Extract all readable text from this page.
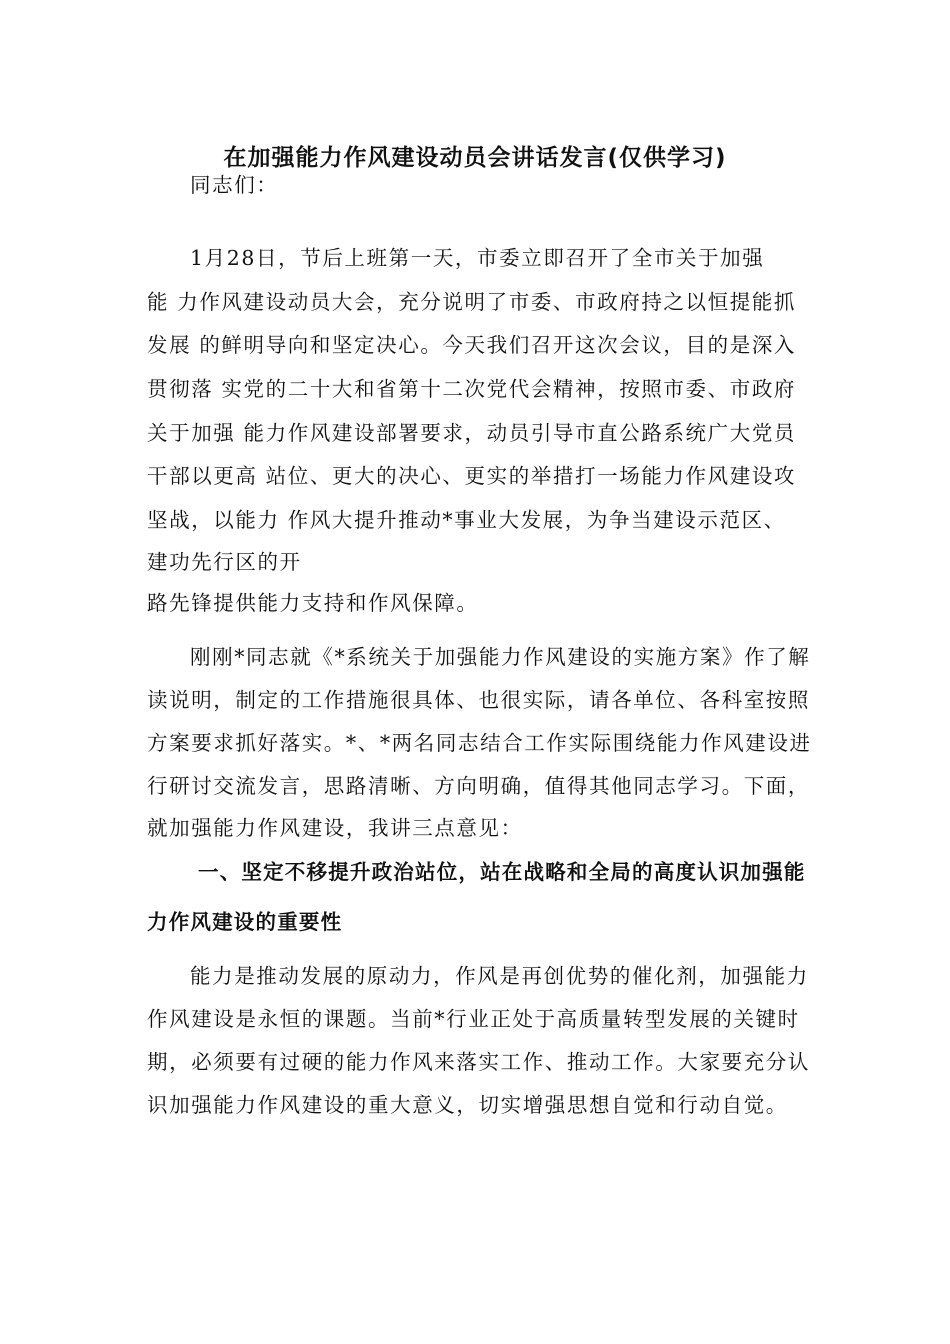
在加强能力作风建设动员会讲话发言(仅供学习)

同志们：

1月28日，节后上班第一天，市委立即召开了全市关于加强

能 力作风建设动员大会，充分说明了市委、市政府持之以恒提能抓

发展 的鲜明导向和坚定决心。今天我们召开这次会议，目的是深入

贯彻落 实党的二十大和省第十二次党代会精神，按照市委、市政府

关于加强 能力作风建设部署要求，动员引导市直公路系统广大党员

干部以更高 站位、更大的决心、更实的举措打一场能力作风建设攻

坚战，以能力 作风大提升推动*事业大发展，为争当建设示范区、

建功先行区的开

路先锋提供能力支持和作风保障。

刚刚*同志就《*系统关于加强能力作风建设的实施方案》作了解

读说明，制定的工作措施很具体、也很实际，请各单位、各科室按照

方案要求抓好落实。*、*两名同志结合工作实际围绕能力作风建设进

行研讨交流发言，思路清晰、方向明确，值得其他同志学习。下面，

就加强能力作风建设，我讲三点意见：

一、坚定不移提升政治站位，站在战略和全局的高度认识加强能

力作风建设的重要性

能力是推动发展的原动力，作风是再创优势的催化剂，加强能力

作风建设是永恒的课题。当前*行业正处于高质量转型发展的关键时

期，必须要有过硬的能力作风来落实工作、推动工作。大家要充分认

识加强能力作风建设的重大意义，切实增强思想自觉和行动自觉。
